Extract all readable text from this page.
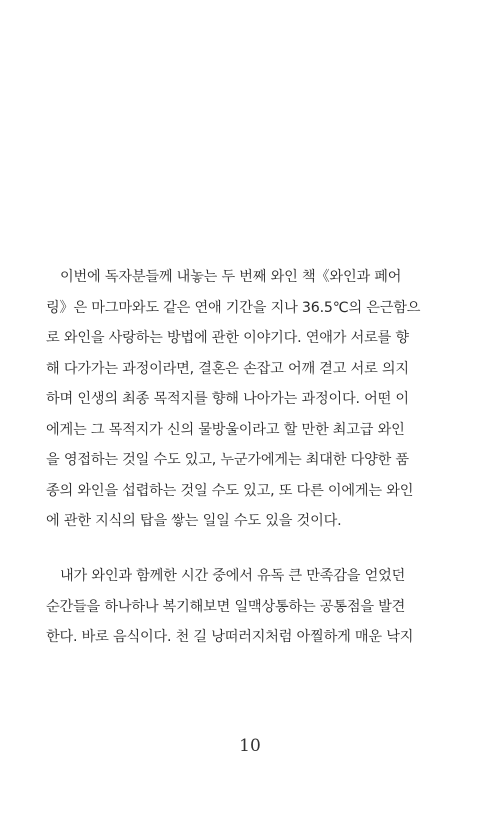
이번에 독자분들께 내놓는 두 번째 와인 책《와인과 페어
링》은 마그마와도 같은 연애 기간을 지나 36.5℃의 은근함으
로 와인을 사랑하는 방법에 관한 이야기다. 연애가 서로를 향
해 다가가는 과정이라면, 결혼은 손잡고 어깨 겯고 서로 의지
하며 인생의 최종 목적지를 향해 나아가는 과정이다. 어떤 이
에게는 그 목적지가 신의 물방울이라고 할 만한 최고급 와인
을 영접하는 것일 수도 있고, 누군가에게는 최대한 다양한 품
종의 와인을 섭렵하는 것일 수도 있고, 또 다른 이에게는 와인
에 관한 지식의 탑을 쌓는 일일 수도 있을 것이다.
내가 와인과 함께한 시간 중에서 유독 큰 만족감을 얻었던
순간들을 하나하나 복기해보면 일맥상통하는 공통점을 발견
한다. 바로 음식이다. 천 길 낭떠러지처럼 아찔하게 매운 낙지
10
